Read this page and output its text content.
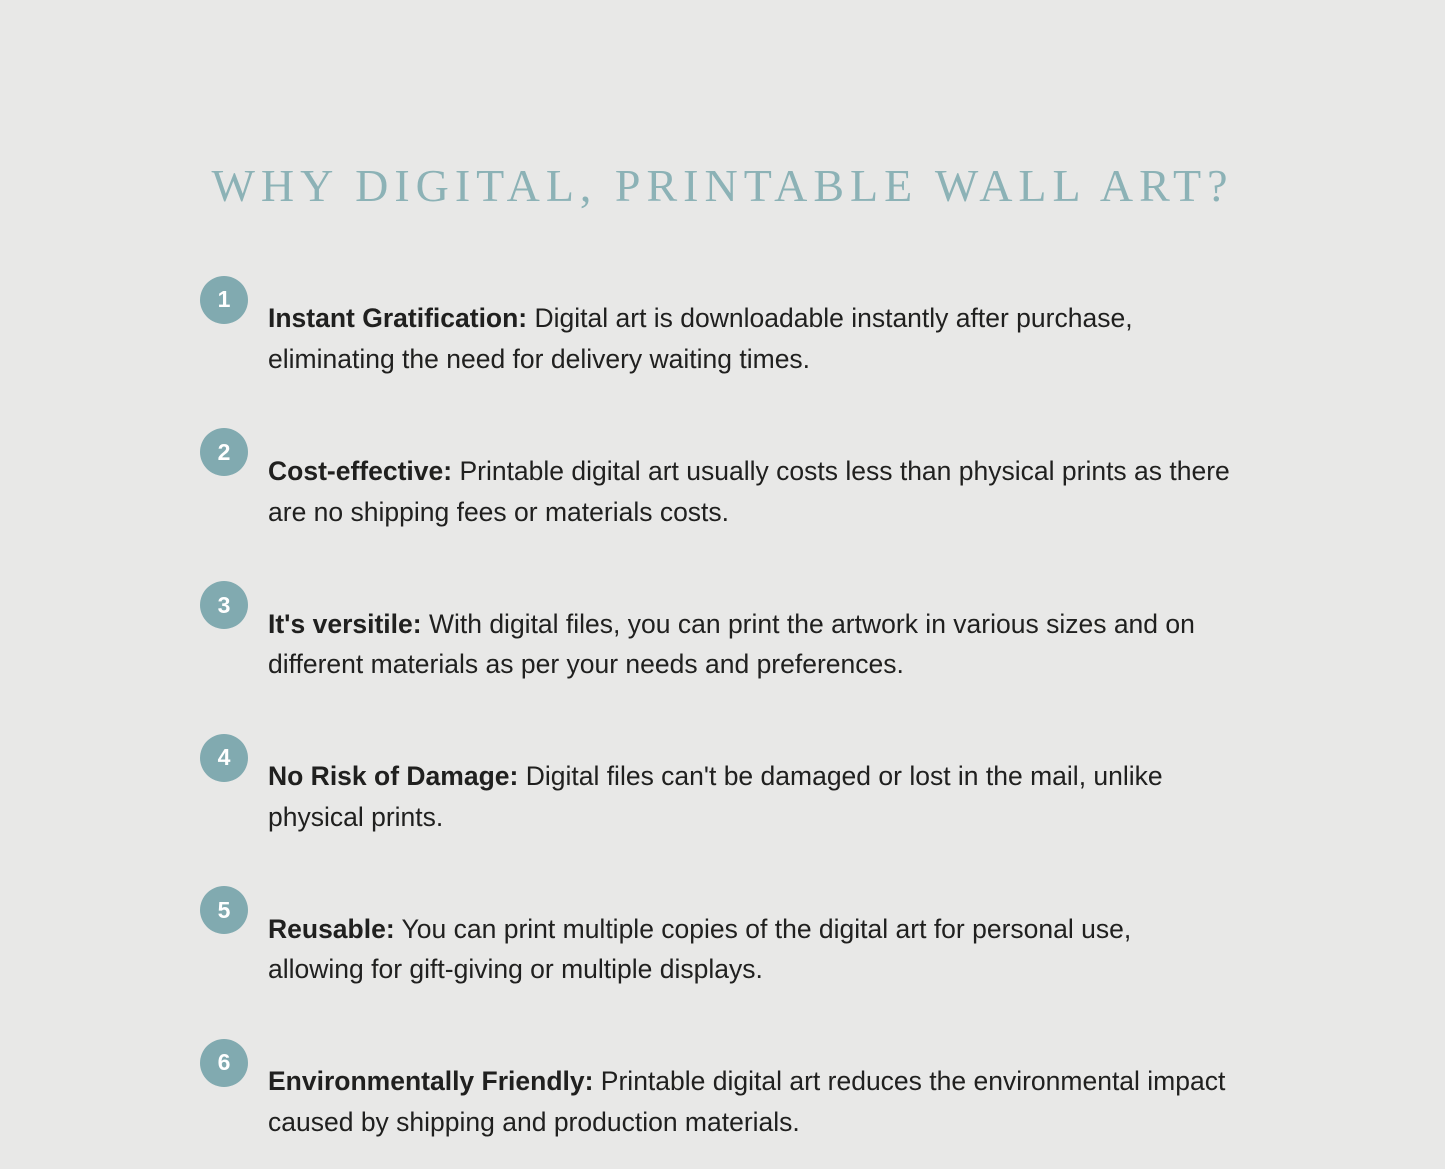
WHY DIGITAL, PRINTABLE WALL ART?
1

Instant Gratification: Digital art is downloadable instantly after purchase, eliminating the need for delivery waiting times.

2

Cost-effective: Printable digital art usually costs less than physical prints as there are no shipping fees or materials costs.

3

It's versitile: With digital files, you can print the artwork in various sizes and on different materials as per your needs and preferences.

4

No Risk of Damage: Digital files can't be damaged or lost in the mail, unlike physical prints.

5

Reusable: You can print multiple copies of the digital art for personal use, allowing for gift-giving or multiple displays.

6

Environmentally Friendly: Printable digital art reduces the environmental impact caused by shipping and production materials.
